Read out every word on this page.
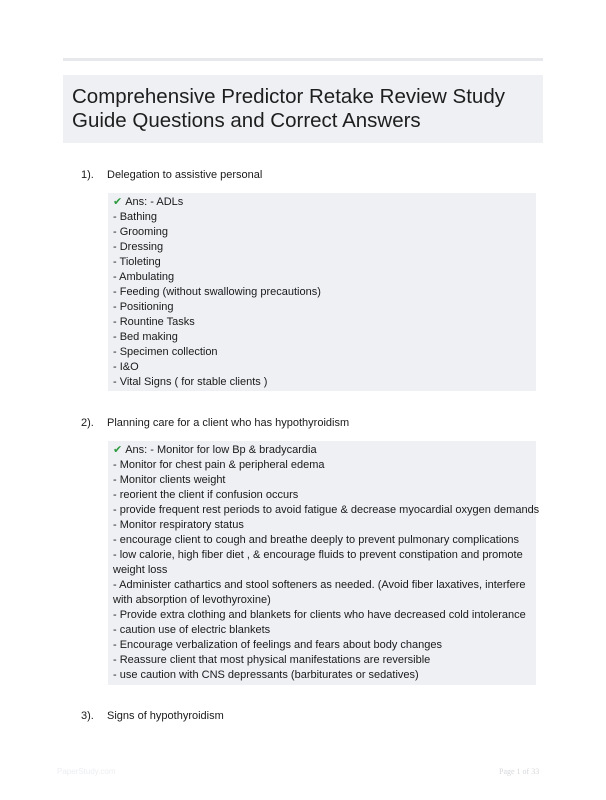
Comprehensive Predictor Retake Review Study Guide Questions and Correct Answers
1).	Delegation to assistive personal
✔ Ans: - ADLs
- Bathing
- Grooming
- Dressing
- Tioleting
- Ambulating
- Feeding (without swallowing precautions)
- Positioning
- Rountine Tasks
- Bed making
- Specimen collection
- I&O
- Vital Signs ( for stable clients )
2).	Planning care for a client who has hypothyroidism
✔ Ans: - Monitor for low Bp & bradycardia
- Monitor for chest pain & peripheral edema
- Monitor clients weight
- reorient the client if confusion occurs
- provide frequent rest periods to avoid fatigue & decrease myocardial oxygen demands
- Monitor respiratory status
- encourage client to cough and breathe deeply to prevent pulmonary complications
- low calorie, high fiber diet , & encourage fluids to prevent constipation and promote weight loss
- Administer cathartics and stool softeners as needed. (Avoid fiber laxatives, interfere with absorption of levothyroxine)
- Provide extra clothing and blankets for clients who have decreased cold intolerance
- caution use of electric blankets
- Encourage verbalization of feelings and fears about body changes
- Reassure client that most physical manifestations are reversible
- use caution with CNS depressants (barbiturates or sedatives)
3).	Signs of hypothyroidism
PaperStudy.com	Page 1 of 33
